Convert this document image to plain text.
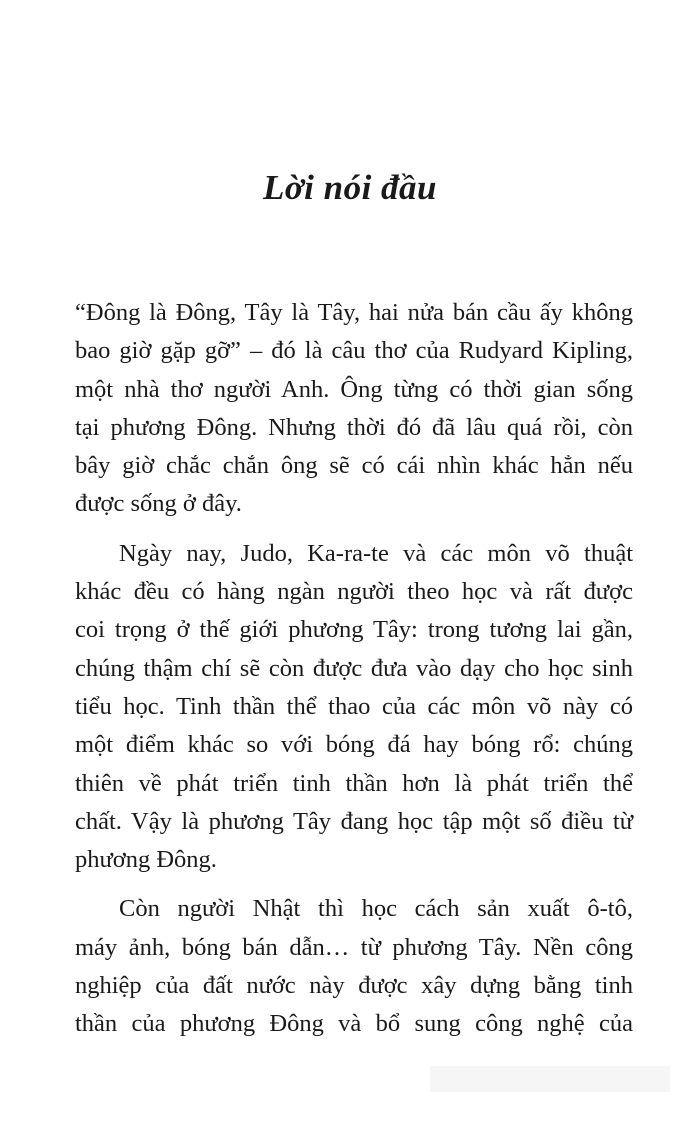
Lời nói đầu
“Đông là Đông, Tây là Tây, hai nửa bán cầu ấy không
bao giờ gặp gỡ” – đó là câu thơ của Rudyard Kipling,
một nhà thơ người Anh. Ông từng có thời gian sống
tại phương Đông. Nhưng thời đó đã lâu quá rồi, còn
bây giờ chắc chắn ông sẽ có cái nhìn khác hẳn nếu
được sống ở đây.
Ngày nay, Judo, Ka-ra-te và các môn võ thuật
khác đều có hàng ngàn người theo học và rất được
coi trọng ở thế giới phương Tây: trong tương lai gần,
chúng thậm chí sẽ còn được đưa vào dạy cho học sinh
tiểu học. Tinh thần thể thao của các môn võ này có
một điểm khác so với bóng đá hay bóng rổ: chúng
thiên về phát triển tinh thần hơn là phát triển thể
chất. Vậy là phương Tây đang học tập một số điều từ
phương Đông.
Còn người Nhật thì học cách sản xuất ô-tô,
máy ảnh, bóng bán dẫn… từ phương Tây. Nền công
nghiệp của đất nước này được xây dựng bằng tinh
thần của phương Đông và bổ sung công nghệ của
